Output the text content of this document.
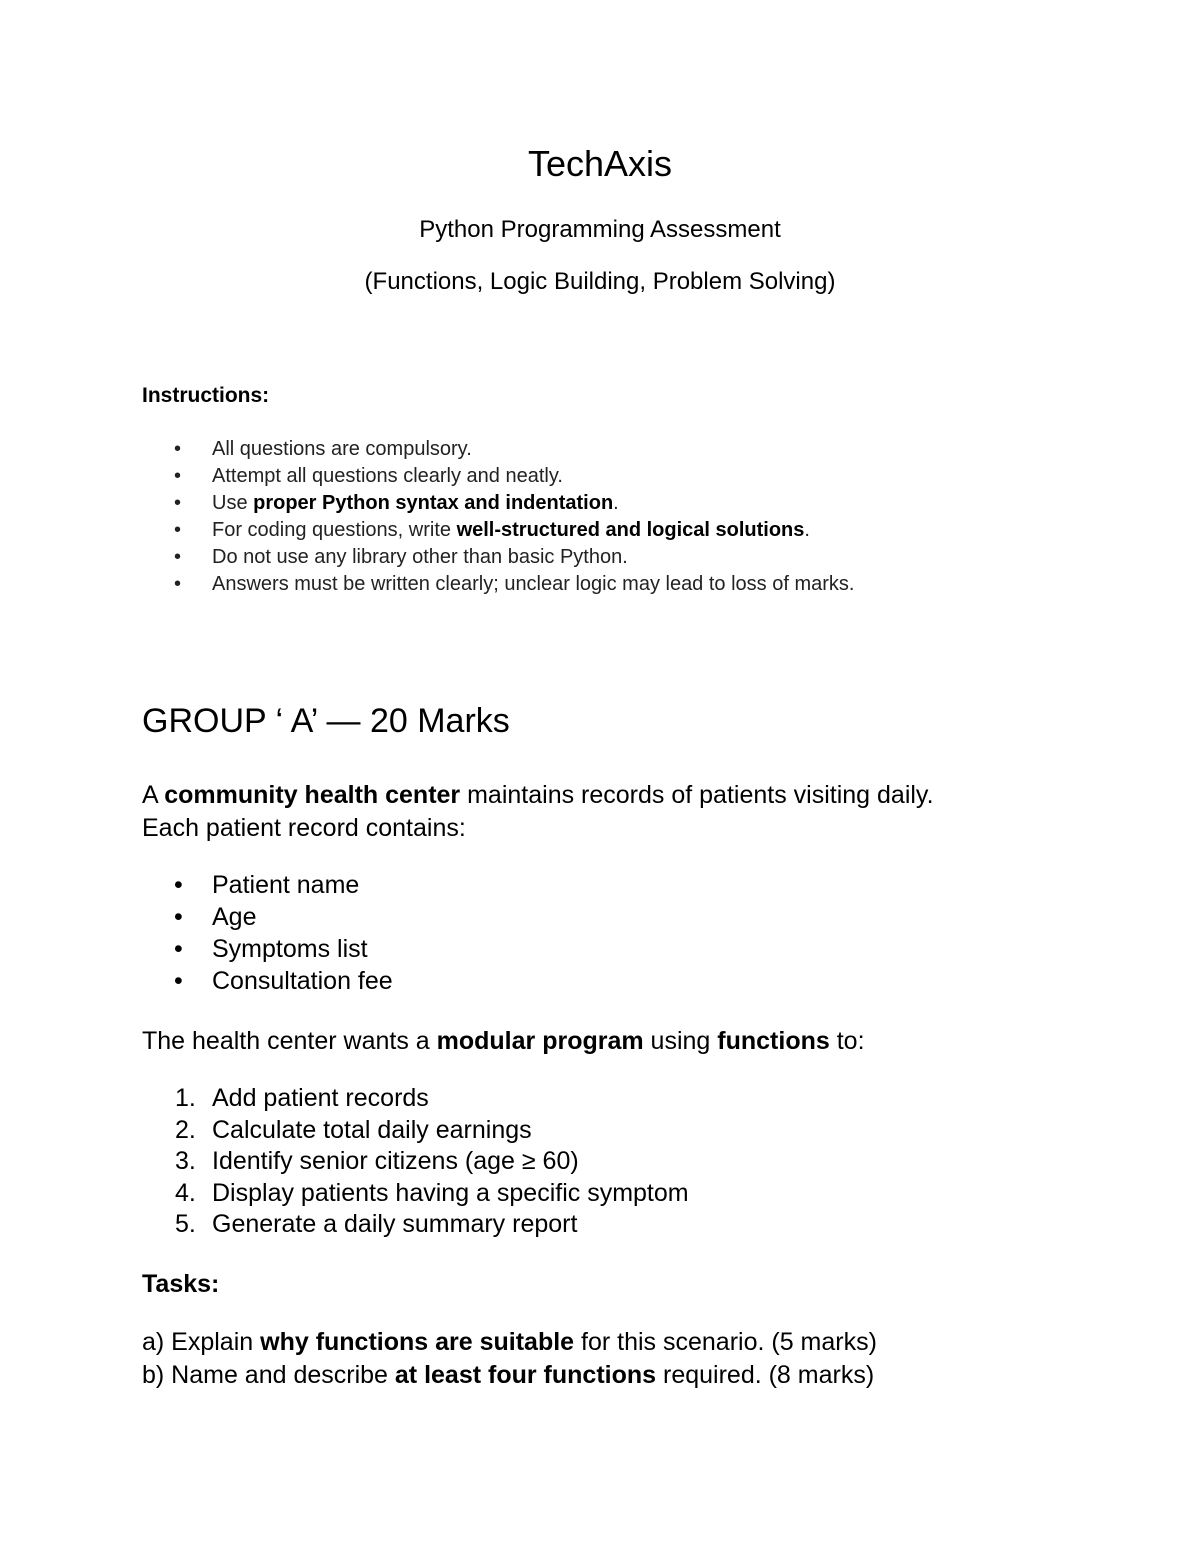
TechAxis
Python Programming Assessment
(Functions, Logic Building, Problem Solving)
Instructions:
• All questions are compulsory.
• Attempt all questions clearly and neatly.
• Use proper Python syntax and indentation.
• For coding questions, write well-structured and logical solutions.
• Do not use any library other than basic Python.
• Answers must be written clearly; unclear logic may lead to loss of marks.
GROUP ‘ A’ — 20 Marks
A community health center maintains records of patients visiting daily.
Each patient record contains:
• Patient name
• Age
• Symptoms list
• Consultation fee
The health center wants a modular program using functions to:
1. Add patient records
2. Calculate total daily earnings
3. Identify senior citizens (age ≥ 60)
4. Display patients having a specific symptom
5. Generate a daily summary report
Tasks:
a) Explain why functions are suitable for this scenario. (5 marks)
b) Name and describe at least four functions required. (8 marks)
